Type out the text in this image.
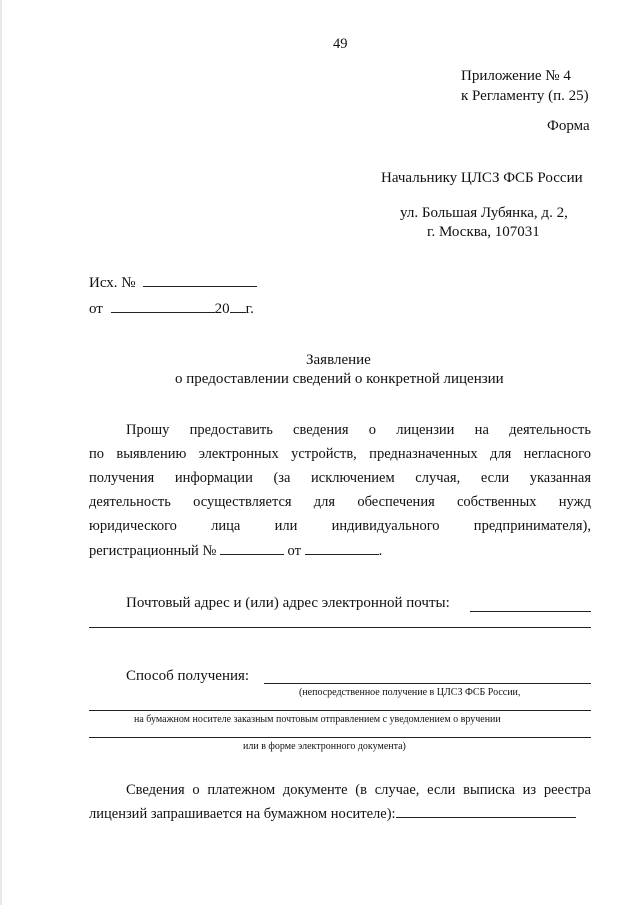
49
Приложение № 4
к Регламенту (п. 25)
Форма
Начальнику ЦЛСЗ ФСБ России
ул. Большая Лубянка, д. 2,
г. Москва, 107031
Исх. №
от	20 г.
Заявление
о предоставлении сведений о конкретной лицензии
Прошу предоставить сведения о лицензии на деятельность
по выявлению электронных устройств, предназначенных для негласного
получения информации (за исключением случая, если указанная
деятельность осуществляется для обеспечения собственных нужд
юридического лица или индивидуального предпринимателя),
регистрационный №	от	.
Почтовый адрес и (или) адрес электронной почты:
Способ получения:
(непосредственное получение в ЦЛСЗ ФСБ России,
на бумажном носителе заказным почтовым отправлением с уведомлением о вручении
или в форме электронного документа)
Сведения о платежном документе (в случае, если выписка из реестра
лицензий запрашивается на бумажном носителе):
